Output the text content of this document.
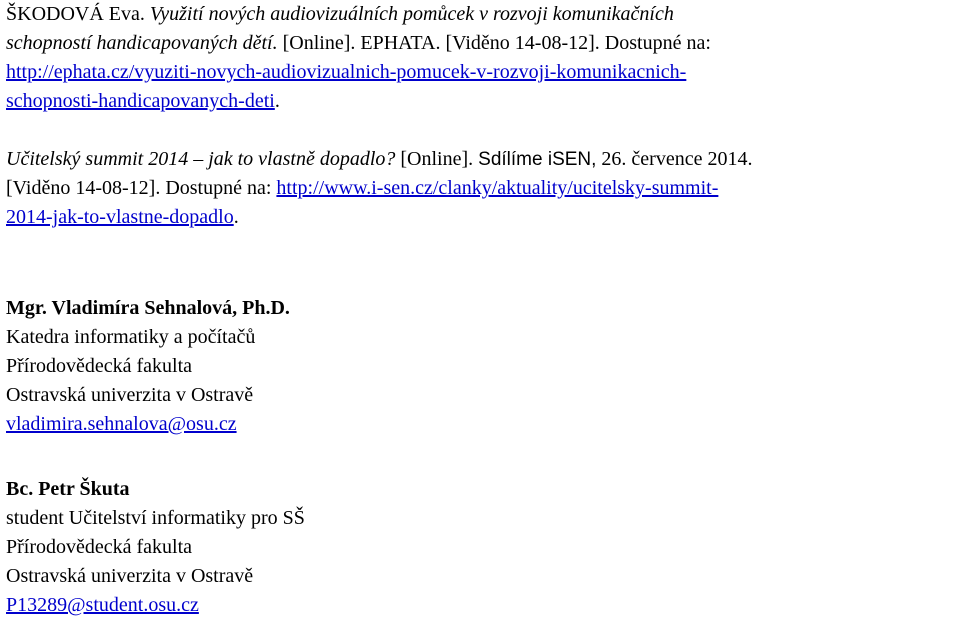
ŠKODOVÁ Eva. Využití nových audiovizuálních pomůcek v rozvoji komunikačních
schopností handicapovaných dětí. [Online]. EPHATA. [Viděno 14-08-12]. Dostupné na:
http://ephata.cz/vyuziti-novych-audiovizualnich-pomucek-v-rozvoji-komunikacnich-
schopnosti-handicapovanych-deti.
Učitelský summit 2014 – jak to vlastně dopadlo? [Online]. Sdílíme iSEN, 26. července 2014.
[Viděno 14-08-12]. Dostupné na: http://www.i-sen.cz/clanky/aktuality/ucitelsky-summit-
2014-jak-to-vlastne-dopadlo.
Mgr. Vladimíra Sehnalová, Ph.D.
Katedra informatiky a počítačů
Přírodovědecká fakulta
Ostravská univerzita v Ostravě
vladimira.sehnalova@osu.cz
Bc. Petr Škuta
student Učitelství informatiky pro SŠ
Přírodovědecká fakulta
Ostravská univerzita v Ostravě
P13289@student.osu.cz
